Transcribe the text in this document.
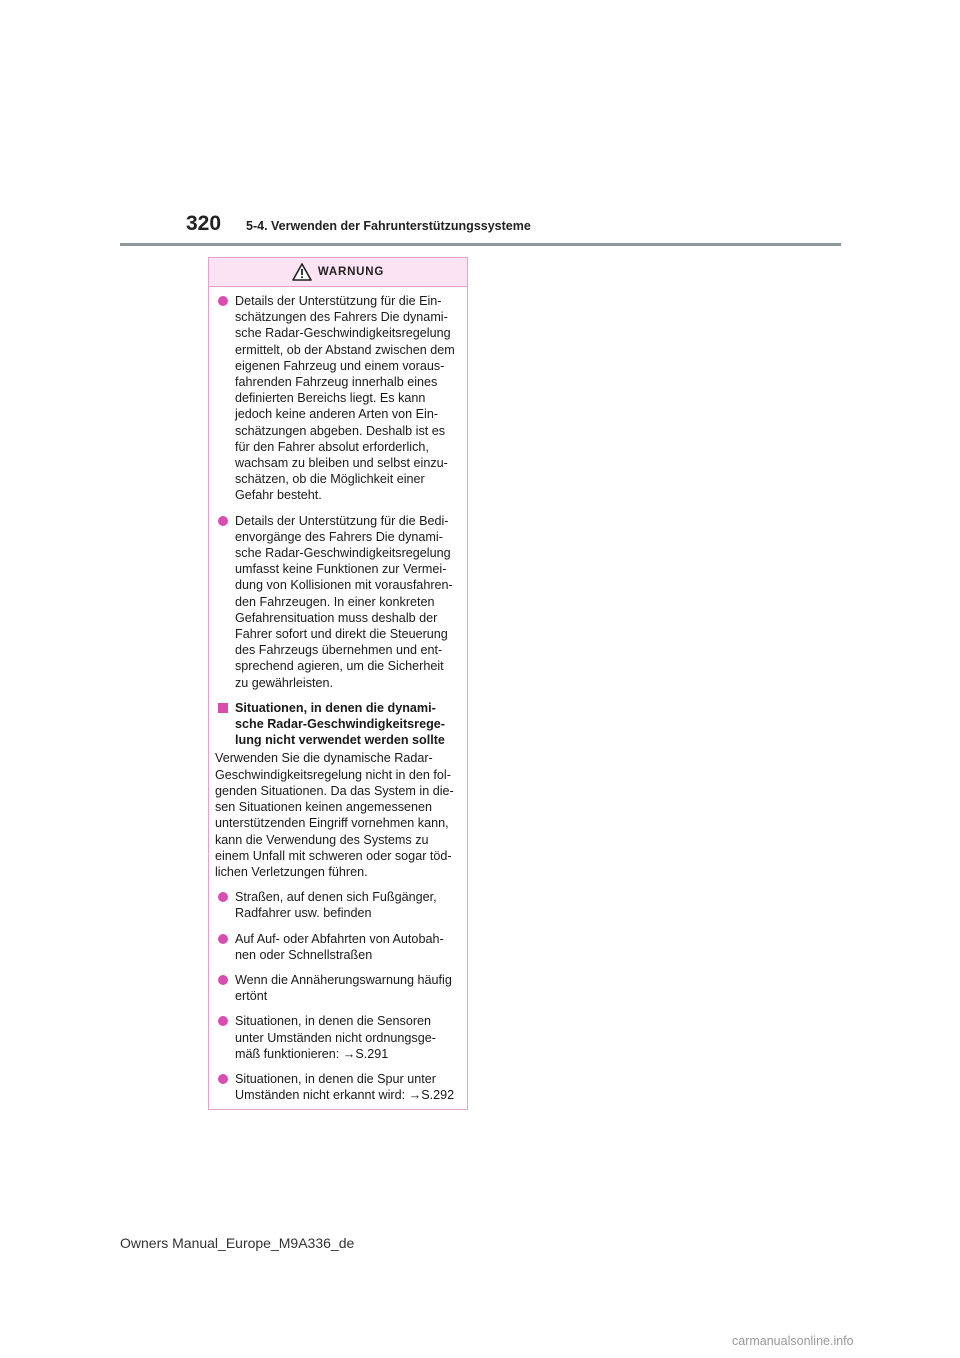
320 5-4. Verwenden der Fahrunterstützungssysteme
WARNUNG
Details der Unterstützung für die Ein-
schätzungen des Fahrers Die dynami-
sche Radar-Geschwindigkeitsregelung
ermittelt, ob der Abstand zwischen dem
eigenen Fahrzeug und einem voraus-
fahrenden Fahrzeug innerhalb eines
definierten Bereichs liegt. Es kann
jedoch keine anderen Arten von Ein-
schätzungen abgeben. Deshalb ist es
für den Fahrer absolut erforderlich,
wachsam zu bleiben und selbst einzu-
schätzen, ob die Möglichkeit einer
Gefahr besteht.
Details der Unterstützung für die Bedi-
envorgänge des Fahrers Die dynami-
sche Radar-Geschwindigkeitsregelung
umfasst keine Funktionen zur Vermei-
dung von Kollisionen mit vorausfahren-
den Fahrzeugen. In einer konkreten
Gefahrensituation muss deshalb der
Fahrer sofort und direkt die Steuerung
des Fahrzeugs übernehmen und ent-
sprechend agieren, um die Sicherheit
zu gewährleisten.
Situationen, in denen die dynami-
sche Radar-Geschwindigkeitsrege-
lung nicht verwendet werden sollte
Verwenden Sie die dynamische Radar-
Geschwindigkeitsregelung nicht in den fol-
genden Situationen. Da das System in die-
sen Situationen keinen angemessenen
unterstützenden Eingriff vornehmen kann,
kann die Verwendung des Systems zu
einem Unfall mit schweren oder sogar töd-
lichen Verletzungen führen.
Straßen, auf denen sich Fußgänger,
Radfahrer usw. befinden
Auf Auf- oder Abfahrten von Autobah-
nen oder Schnellstraßen
Wenn die Annäherungswarnung häufig
ertönt
Situationen, in denen die Sensoren
unter Umständen nicht ordnungsge-
mäß funktionieren: →S.291
Situationen, in denen die Spur unter
Umständen nicht erkannt wird: →S.292
Owners Manual_Europe_M9A336_de
carmanualsonline.info
